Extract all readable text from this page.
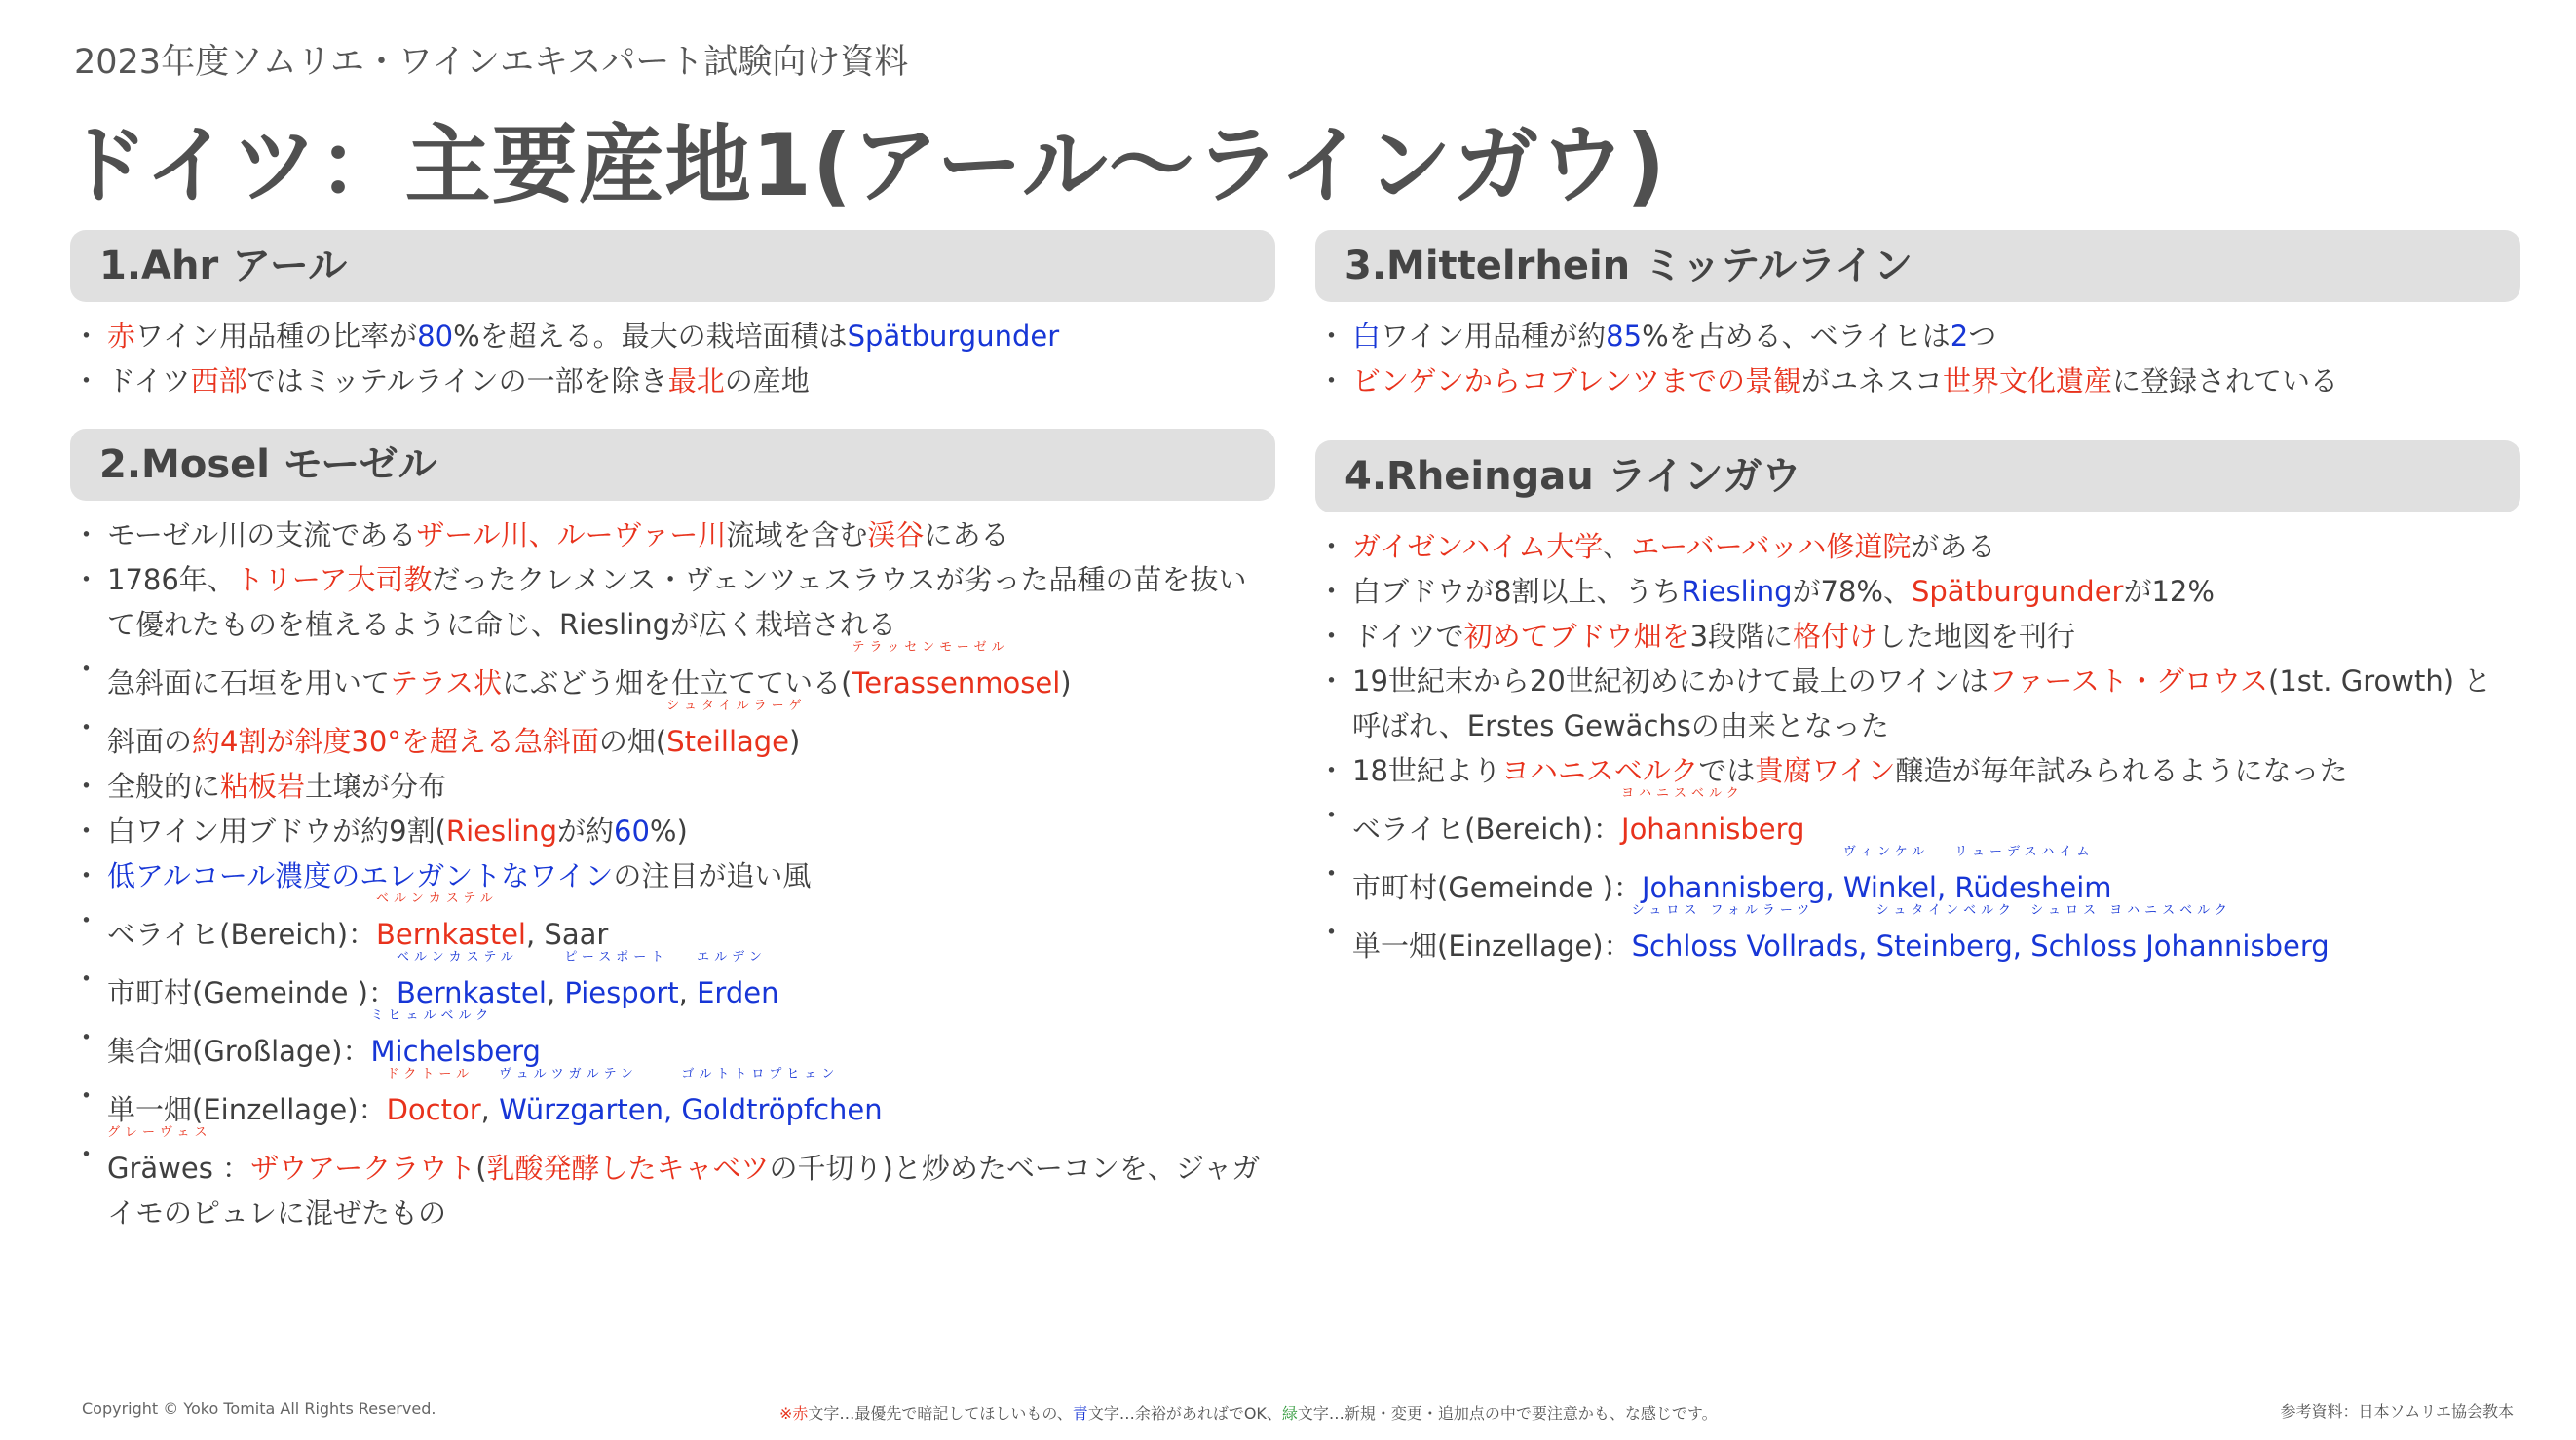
2023年度ソムリエ・ワインエキスパート試験向け資料
ドイツ：主要産地1(アール〜ラインガウ)
1.Ahr アール
・ 赤ワイン用品種の比率が80%を超える。最大の栽培面積はSpätburgunder
・ ドイツ西部ではミッテルラインの一部を除き最北の産地
2.Mosel モーゼル
・ モーゼル川の支流であるザール川、ルーヴァー川流域を含む渓谷にある
・ 1786年、トリーア大司教だったクレメンス・ヴェンツェスラウスが劣った品種の苗を抜いて優れたものを植えるように命じ、Rieslingが広く栽培される
・ 急斜面に石垣を用いてテラス状にぶどう畑を仕立てている(
テラッセンモーゼル
Terassenmosel)
・ 斜面の約4割が斜度30°を超える急斜面の畑(
シュタイルラーゲ
Steillage)
・ 全般的に粘板岩土壌が分布
・ 白ワイン用ブドウが約9割(Rieslingが約60%)
・ 低アルコール濃度のエレガントなワインの注目が追い風
・ ベライヒ(Bereich)：
ベルンカステル
Bernkastel, Saar
・ 市町村(Gemeinde )：
ベルンカステル
Bernkastel,
ピースポート
Piesport,
エルデン
Erden
・ 集合畑(Großlage)：
ミヒェルベルク
Michelsberg
・ 単一畑(Einzellage)：
ドクトール
Doctor,
ヴュルツガルテン
Würzgarten,
ゴルトトロプヒェン
Goldtröpfchen
・ グレーヴェス
Gräwes ：ザウアークラウト(乳酸発酵したキャベツの千切り)と炒めたベーコンを、ジャガイモのピュレに混ぜたもの
3.Mittelrhein ミッテルライン
・ 白ワイン用品種が約85%を占める、ベライヒは2つ
・ ビンゲンからコブレンツまでの景観がユネスコ世界文化遺産に登録されている
4.Rheingau ラインガウ
・ ガイゼンハイム大学、エーバーバッハ修道院がある
・ 白ブドウが8割以上、うちRieslingが78%、Spätburgunderが12%
・ ドイツで初めてブドウ畑を3段階に格付けした地図を刊行
・ 19世紀末から20世紀初めにかけて最上のワインはファースト・グロウス(1st. Growth) と呼ばれ、Erstes Gewächsの由来となった
・ 18世紀よりヨハニスベルクでは貴腐ワイン醸造が毎年試みられるようになった
・ ベライヒ(Bereich)：
ヨハニスベルク
Johannisberg
・ 市町村(Gemeinde )：Johannisberg,
ヴィンケル
Winkel,
リューデスハイム
Rüdesheim
・ 単一畑(Einzellage)：
シュロス フォルラーツ
Schloss Vollrads,
シュタインベルク
Steinberg,
シュロス ヨハニスベルク
Schloss Johannisberg
Copyright © Yoko Tomita All Rights Reserved.	※赤文字…最優先で暗記してほしいもの、青文字…余裕があればでOK、緑文字…新規・変更・追加点の中で要注意かも、な感じです。	参考資料：日本ソムリエ協会教本
